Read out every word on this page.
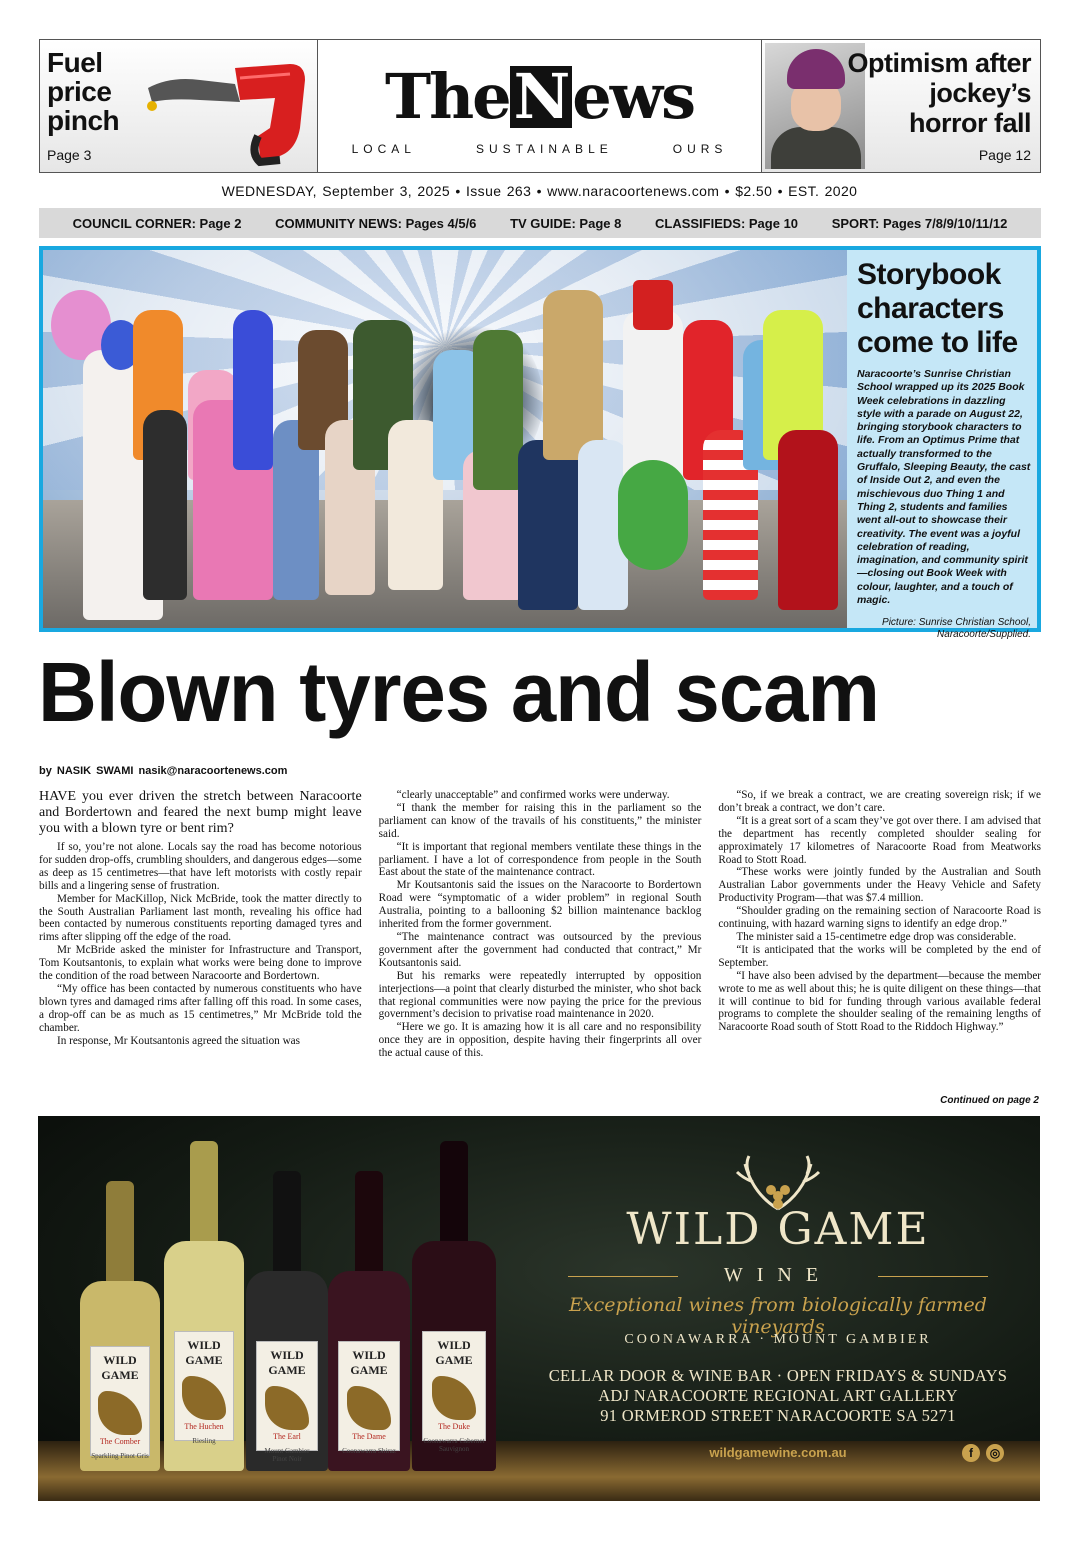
Fuel
price
pinch
Page 3
TheNews
LOCAL	SUSTAINABLE	OURS
Optimism after
jockey’s
horror fall
Page 12
WEDNESDAY, September 3, 2025 • Issue 263 • www.naracoortenews.com • $2.50 • EST. 2020
COUNCIL CORNER: Page 2	COMMUNITY NEWS: Pages 4/5/6	TV GUIDE: Page 8	CLASSIFIEDS: Page 10	SPORT: Pages 7/8/9/10/11/12
Storybook characters come to life

Naracoorte’s Sunrise Christian School wrapped up its 2025 Book Week celebrations in dazzling style with a parade on August 22, bringing storybook characters to life. From an Optimus Prime that actually transformed to the Gruffalo, Sleeping Beauty, the cast of Inside Out 2, and even the mischievous duo Thing 1 and Thing 2, students and families went all-out to showcase their creativity. The event was a joyful celebration of reading, imagination, and community spirit—closing out Book Week with colour, laughter, and a touch of magic.

Picture: Sunrise Christian School, Naracoorte/Supplied.

Blown tyres and scam
by NASIK SWAMI nasik@naracoortenews.com

HAVE you ever driven the stretch between Naracoorte and Bordertown and feared the next bump might leave you with a blown tyre or bent rim?

If so, you’re not alone. Locals say the road has become notorious for sudden drop-offs, crumbling shoulders, and dangerous edges—some as deep as 15 centimetres—that have left motorists with costly repair bills and a lingering sense of frustration.

Member for MacKillop, Nick McBride, took the matter directly to the South Australian Parliament last month, revealing his office had been contacted by numerous constituents reporting damaged tyres and rims after slipping off the edge of the road.

Mr McBride asked the minister for Infrastructure and Transport, Tom Koutsantonis, to explain what works were being done to improve the condition of the road between Naracoorte and Bordertown.

“My office has been contacted by numerous constituents who have blown tyres and damaged rims after falling off this road. In some cases, a drop-off can be as much as 15 centimetres,” Mr McBride told the chamber.

In response, Mr Koutsantonis agreed the situation was

“clearly unacceptable” and confirmed works were underway.

“I thank the member for raising this in the parliament so the parliament can know of the travails of his constituents,” the minister said.

“It is important that regional members ventilate these things in the parliament. I have a lot of correspondence from people in the South East about the state of the maintenance contract.

Mr Koutsantonis said the issues on the Naracoorte to Bordertown Road were “symptomatic of a wider problem” in regional South Australia, pointing to a ballooning $2 billion maintenance backlog inherited from the former government.

“The maintenance contract was outsourced by the previous government after the government had conducted that contract,” Mr Koutsantonis said.

But his remarks were repeatedly interrupted by opposition interjections—a point that clearly disturbed the minister, who shot back that regional communities were now paying the price for the previous government’s decision to privatise road maintenance in 2020.

“Here we go. It is amazing how it is all care and no responsibility once they are in opposition, despite having their fingerprints all over the actual cause of this.

“So, if we break a contract, we are creating sovereign risk; if we don’t break a contract, we don’t care.

“It is a great sort of a scam they’ve got over there. I am advised that the department has recently completed shoulder sealing for approximately 17 kilometres of Naracoorte Road from Meatworks Road to Stott Road.

“These works were jointly funded by the Australian and South Australian Labor governments under the Heavy Vehicle and Safety Productivity Program—that was $7.4 million.

“Shoulder grading on the remaining section of Naracoorte Road is continuing, with hazard warning signs to identify an edge drop.”

The minister said a 15-centimetre edge drop was considerable.

“It is anticipated that the works will be completed by the end of September.

“I have also been advised by the department—because the member wrote to me as well about this; he is quite diligent on these things—that it will continue to bid for funding through various available federal programs to complete the shoulder sealing of the remaining lengths of Naracoorte Road south of Stott Road to the Riddoch Highway.”

Continued on page 2
WILD GAME
The Comber
Sparkling Pinot Gris
WILD GAME
The Huchen
Riesling
WILD GAME
The Earl
Mount Gambier Pinot Noir
WILD GAME
The Dame
Coonawarra Shiraz
WILD GAME
The Duke
Coonawarra Cabernet Sauvignon
WILD GAME
WINE
Exceptional wines from biologically farmed vineyards
COONAWARRA · MOUNT GAMBIER
CELLAR DOOR & WINE BAR · OPEN FRIDAYS & SUNDAYS
ADJ NARACOORTE REGIONAL ART GALLERY
91 ORMEROD STREET NARACOORTE SA 5271
wildgamewine.com.au	f	◎
